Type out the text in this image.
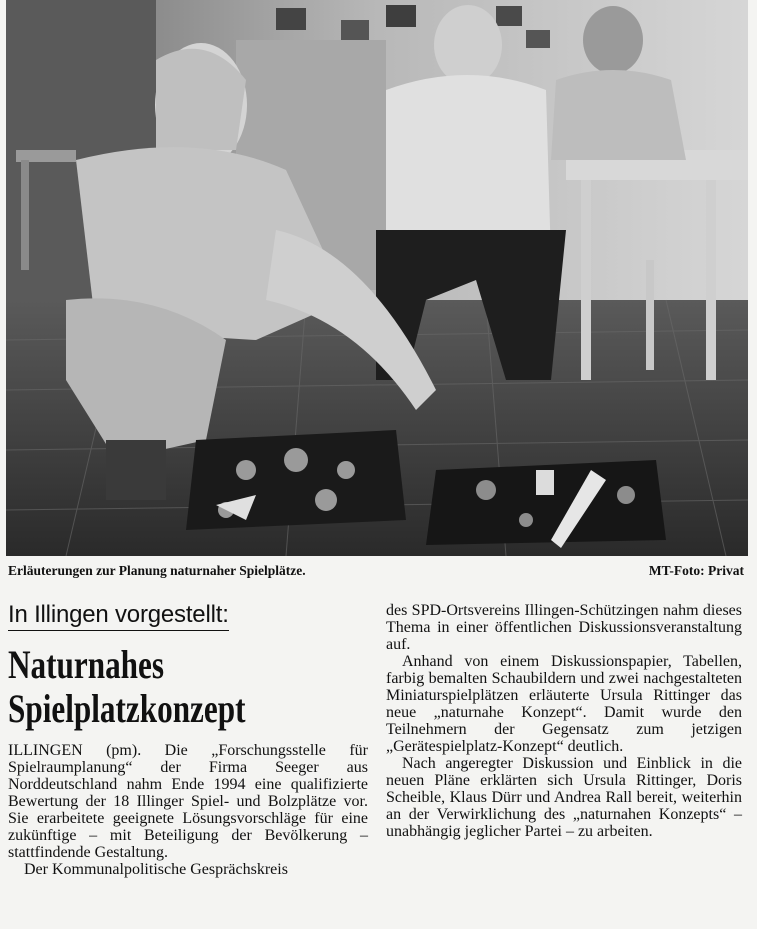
Erläuterungen zur Planung naturnaher Spielplätze.	MT-Foto: Privat
In Illingen vorgestellt:
Naturnahes
Spielplatzkonzept

ILLINGEN (pm). Die „Forschungsstelle für Spielraumplanung“ der Firma Seeger aus Norddeutschland nahm Ende 1994 eine qualifizierte Bewertung der 18 Illinger Spiel- und Bolzplätze vor. Sie erarbeitete geeignete Lösungsvorschläge für eine zukünftige – mit Beteiligung der Bevölkerung – stattfindende Gestaltung.

Der Kommunalpolitische Gesprächskreis

des SPD-Ortsvereins Illingen-Schützingen nahm dieses Thema in einer öffentlichen Diskussionsveranstaltung auf.

Anhand von einem Diskussionspapier, Tabellen, farbig bemalten Schaubildern und zwei nachgestalteten Miniaturspielplätzen erläuterte Ursula Rittinger das neue „naturnahe Konzept“. Damit wurde den Teilnehmern der Gegensatz zum jetzigen „Gerätespielplatz-Konzept“ deutlich.

Nach angeregter Diskussion und Einblick in die neuen Pläne erklärten sich Ursula Rittinger, Doris Scheible, Klaus Dürr und Andrea Rall bereit, weiterhin an der Verwirklichung des „naturnahen Konzepts“ – unabhängig jeglicher Partei – zu arbeiten.
